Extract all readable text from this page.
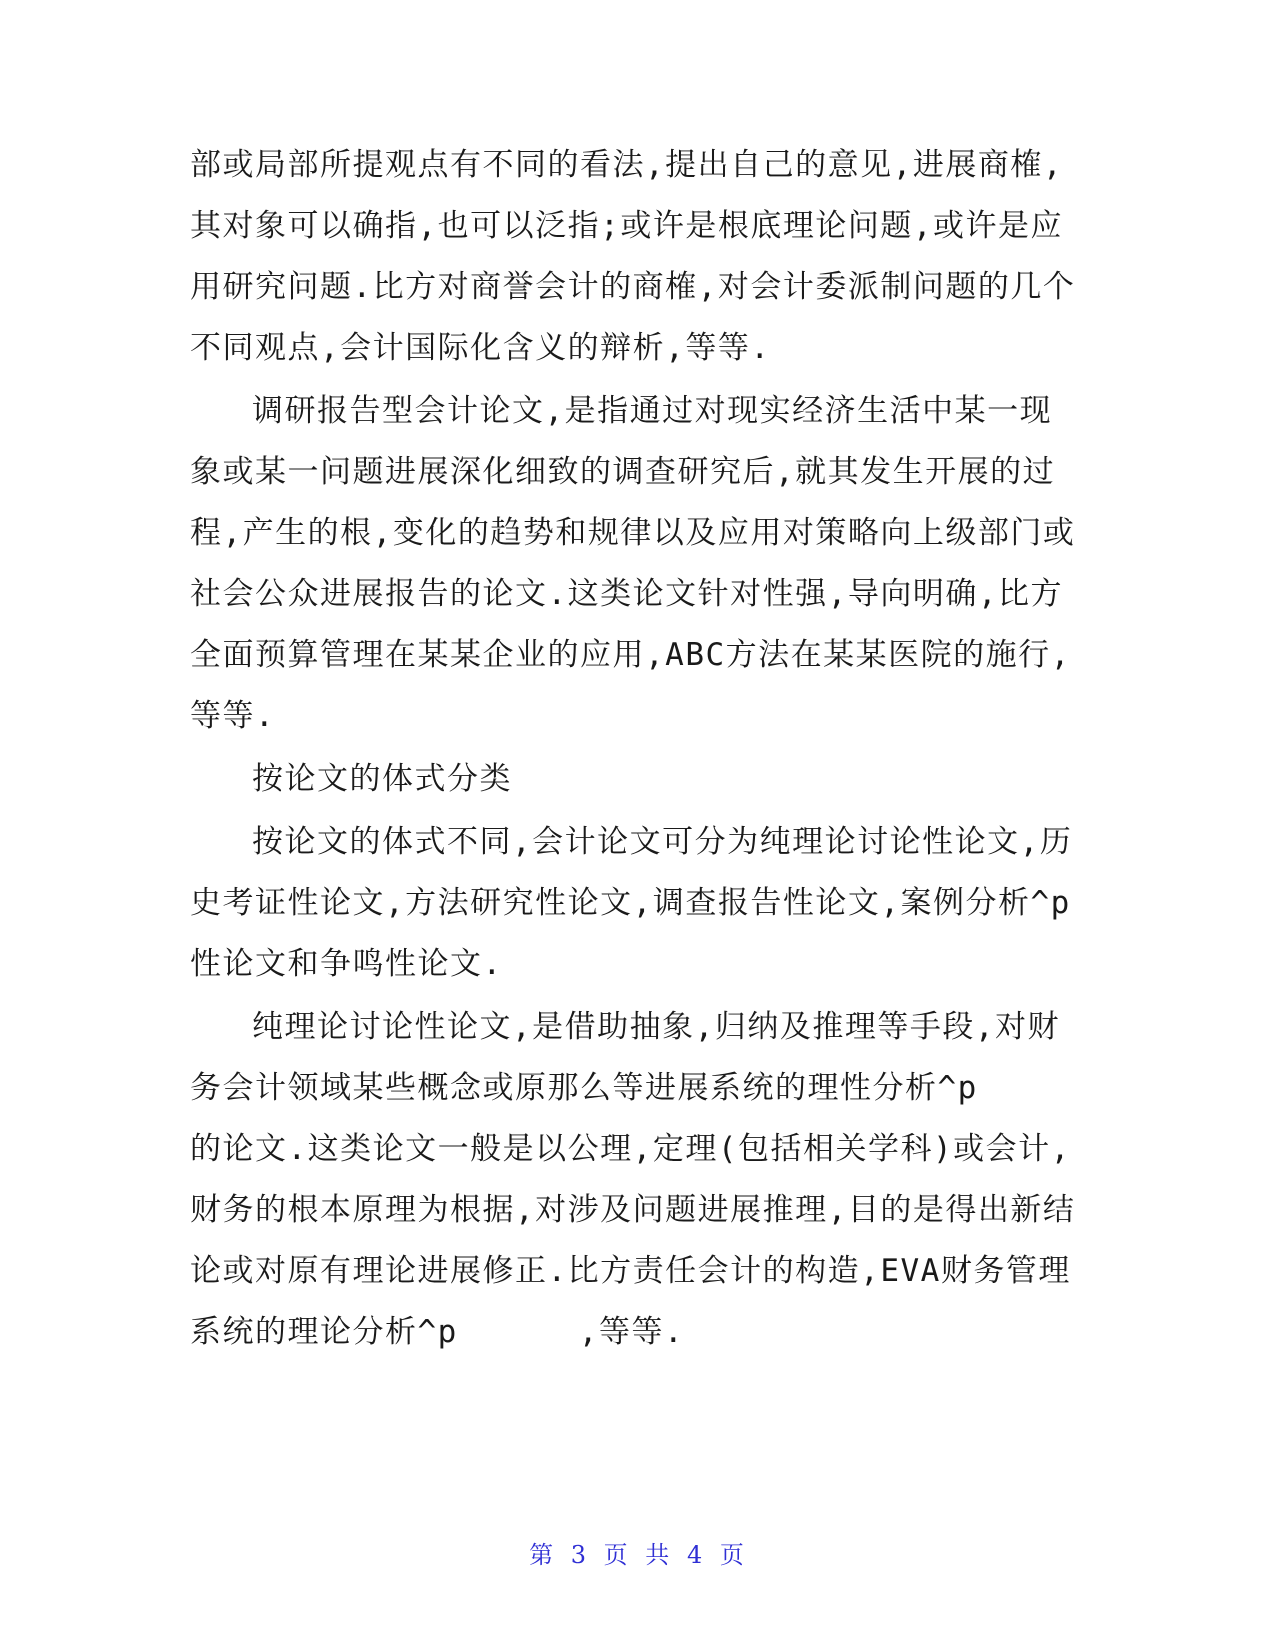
部或局部所提观点有不同的看法,提出自己的意见,进展商榷,
其对象可以确指,也可以泛指;或许是根底理论问题,或许是应
用研究问题.比方对商誉会计的商榷,对会计委派制问题的几个
不同观点,会计国际化含义的辩析,等等.
调研报告型会计论文,是指通过对现实经济生活中某一现
象或某一问题进展深化细致的调查研究后,就其发生开展的过
程,产生的根,变化的趋势和规律以及应用对策略向上级部门或
社会公众进展报告的论文.这类论文针对性强,导向明确,比方
全面预算管理在某某企业的应用,ABC方法在某某医院的施行,
等等.
按论文的体式分类
按论文的体式不同,会计论文可分为纯理论讨论性论文,历
史考证性论文,方法研究性论文,调查报告性论文,案例分析^p
性论文和争鸣性论文.
纯理论讨论性论文,是借助抽象,归纳及推理等手段,对财
务会计领域某些概念或原那么等进展系统的理性分析^p
的论文.这类论文一般是以公理,定理(包括相关学科)或会计,
财务的根本原理为根据,对涉及问题进展推理,目的是得出新结
论或对原有理论进展修正.比方责任会计的构造,EVA财务管理
系统的理论分析^p      ,等等.
第 3 页 共 4 页
